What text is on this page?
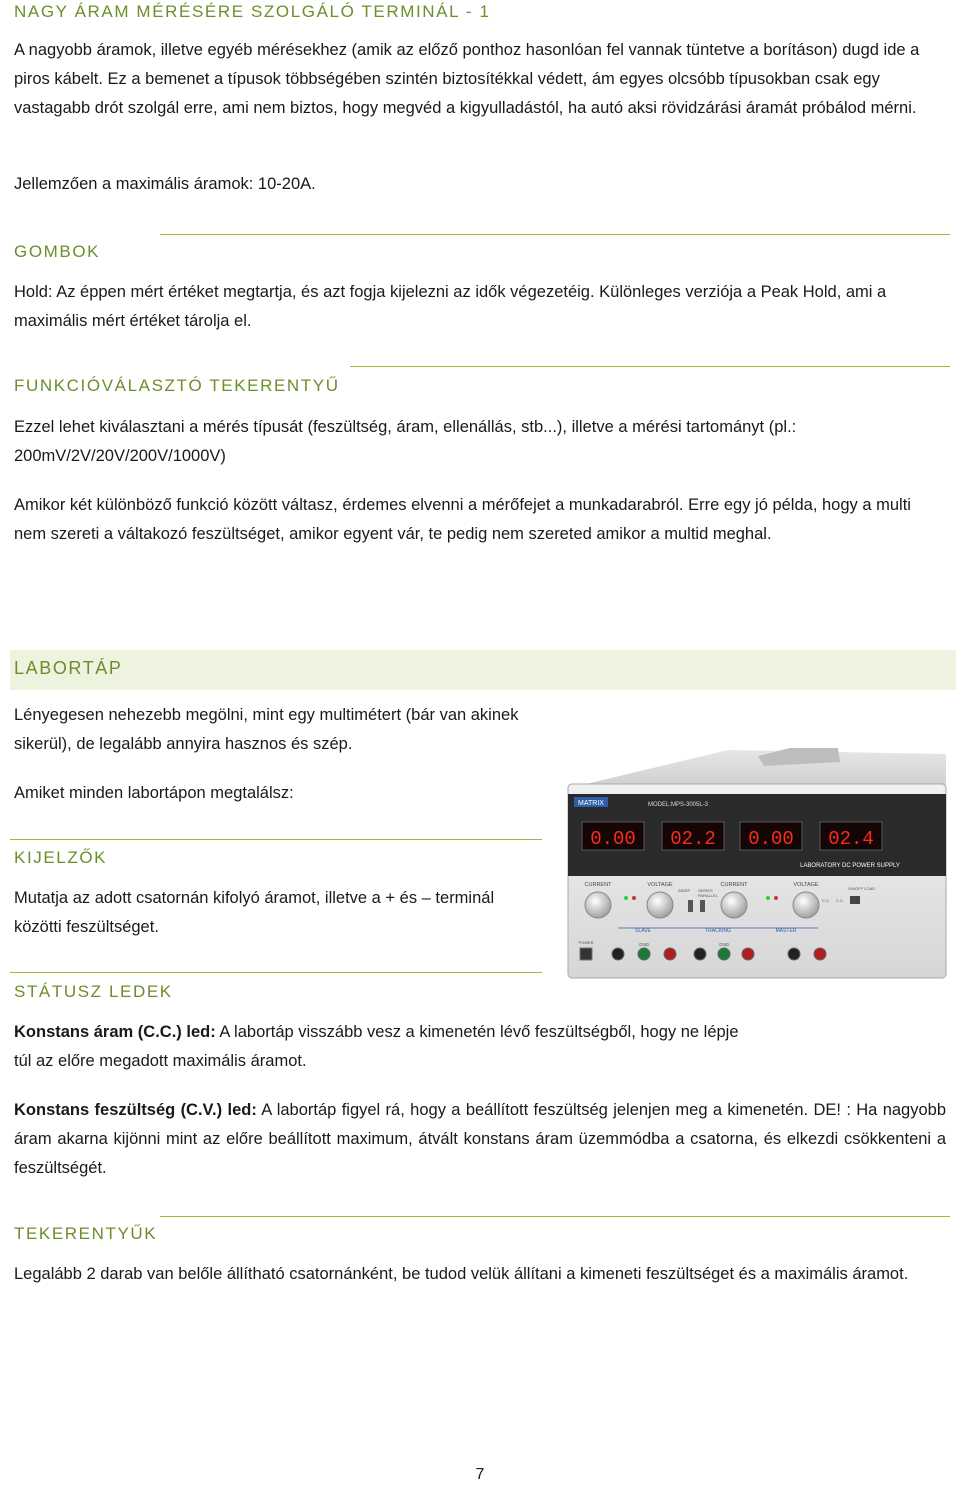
NAGY ÁRAM MÉRÉSÉRE SZOLGÁLÓ TERMINÁL - 1

A nagyobb áramok, illetve egyéb mérésekhez (amik az előző ponthoz hasonlóan fel vannak tüntetve a borításon) dugd ide a piros kábelt. Ez a bemenet a típusok többségében szintén biztosítékkal védett, ám egyes olcsóbb típusokban csak egy vastagabb drót szolgál erre, ami nem biztos, hogy megvéd a kigyulladástól, ha autó aksi rövidzárási áramát próbálod mérni.

Jellemzően a maximális áramok: 10-20A.

GOMBOK

Hold: Az éppen mért értéket megtartja, és azt fogja kijelezni az idők végezetéig. Különleges verziója a Peak Hold, ami a maximális mért értéket tárolja el.

FUNKCIÓVÁLASZTÓ TEKERENTYŰ

Ezzel lehet kiválasztani a mérés típusát (feszültség, áram, ellenállás, stb...), illetve a mérési tartományt (pl.: 200mV/2V/20V/200V/1000V)

Amikor két különböző funkció között váltasz, érdemes elvenni a mérőfejet a munkadarabról. Erre egy jó példa, hogy a multi nem szereti a váltakozó feszültséget, amikor egyent vár, te pedig nem szereted amikor a multid meghal.

LABORTÁP

Lényegesen nehezebb megölni, mint egy multimétert (bár van akinek sikerül), de legalább annyira hasznos és szép.

Amiket minden labortápon megtalálsz:

KIJELZŐK

Mutatja az adott csatornán kifolyó áramot, illetve a + és – terminál közötti feszültséget.

STÁTUSZ LEDEK

Konstans áram (C.C.) led: A labortáp visszább vesz a kimenetén lévő feszültségből, hogy ne lépje túl az előre megadott maximális áramot.

Konstans feszültség (C.V.) led: A labortáp figyel rá, hogy a beállított feszültség jelenjen meg a kimenetén. DE! : Ha nagyobb áram akarna kijönni mint az előre beállított maximum, átvált konstans áram üzemmódba a csatorna, és elkezdi csökkenteni a feszültségét.

TEKERENTYŰK

Legalább 2 darab van belőle állítható csatornánként, be tudod velük állítani a kimeneti feszültséget és a maximális áramot.

MATRIX	MODEL:MPS-3005L-3
0.00 02.2 0.00 02.4
LABORATORY DC POWER SUPPLY
CURRENT	VOLTAGE	CURRENT	VOLTAGE
INDEP SERIES
PARALLEL
C.V. C.C.
SLAVE	TRACKING	MASTER
GND	GND
POWER
ON/OFF LOAD
7
